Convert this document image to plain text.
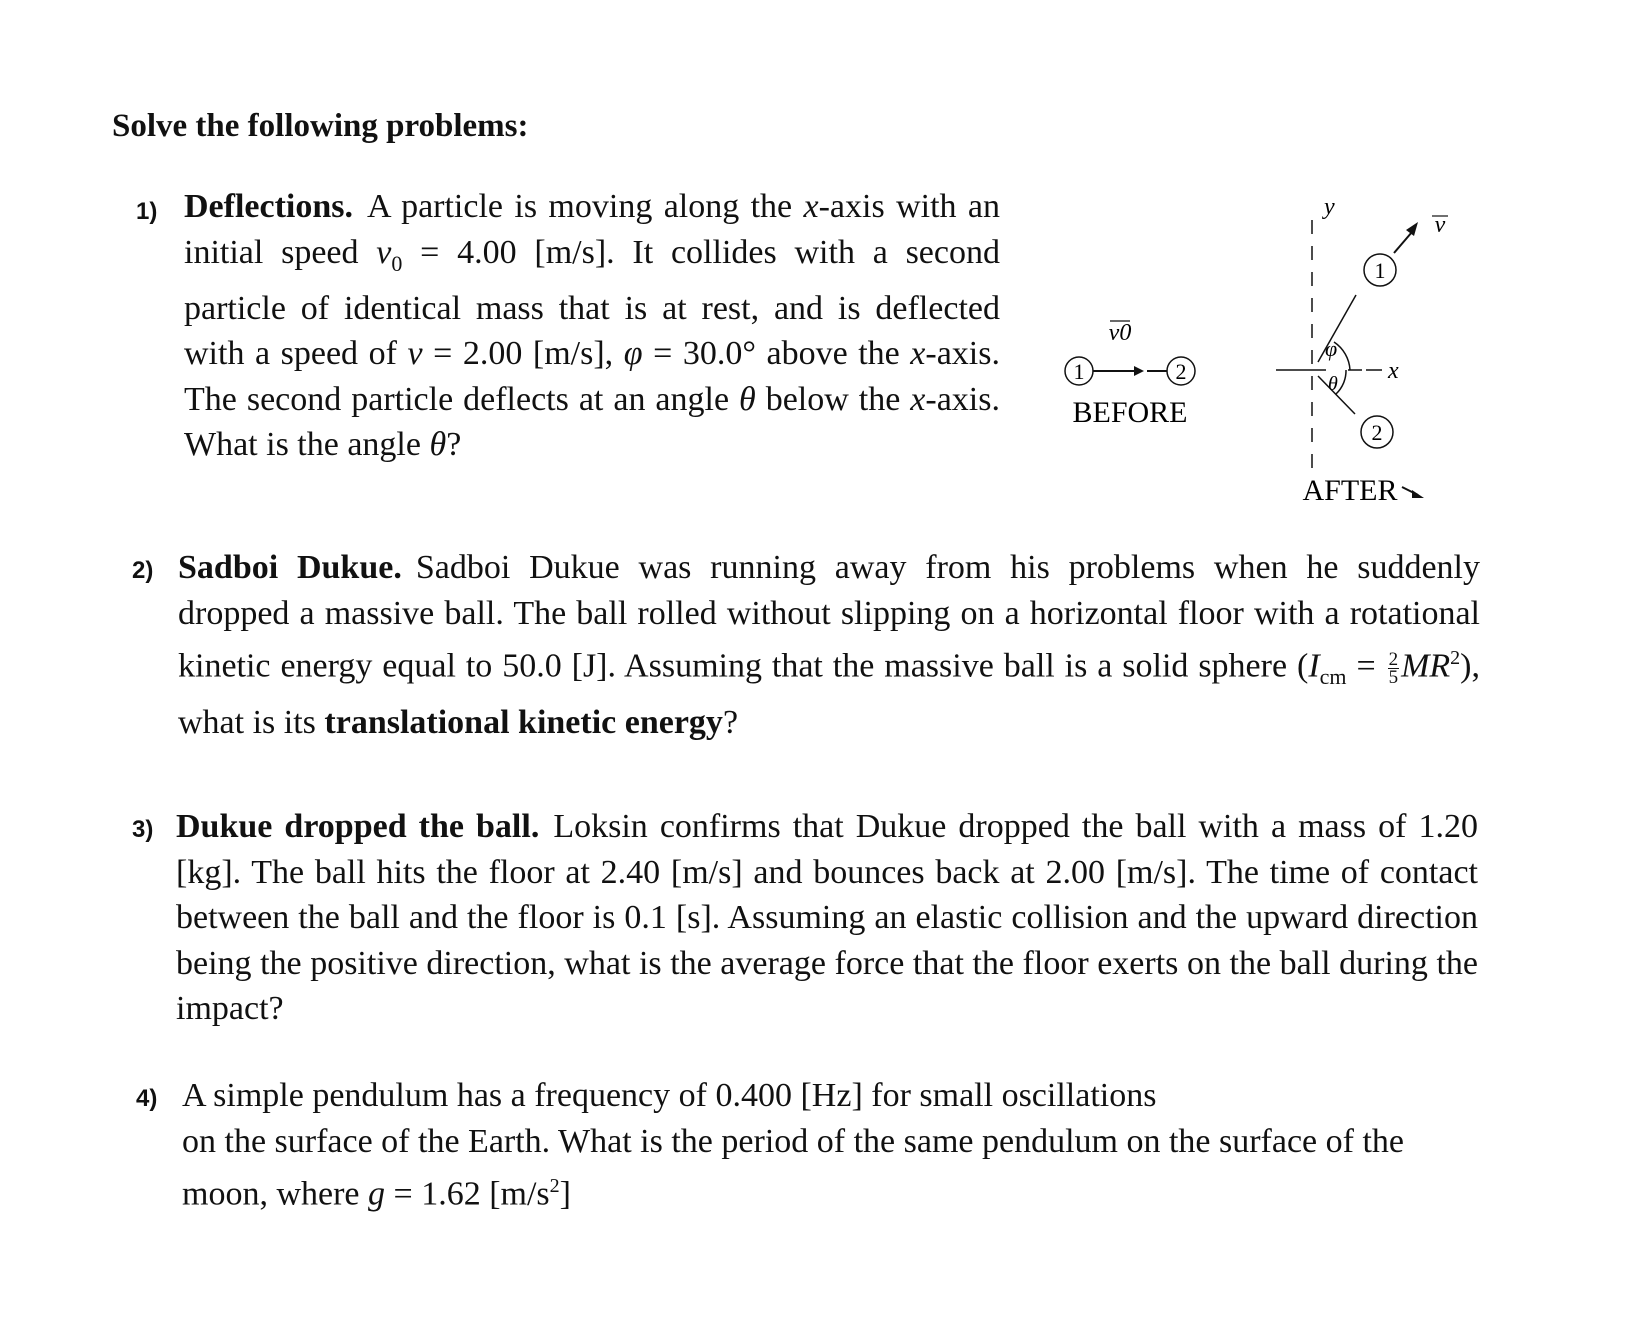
Solve the following problems:
1) Deflections. A particle is moving along the x-axis with an initial speed $v_0 = 4.00$ [m/s]. It collides with a second particle of identical mass that is at rest, and is deflected with a speed of v = 2.00 [m/s], φ = 30.0° above the x-axis. The second particle deflects at an angle θ below the x-axis. What is the angle θ?
1	2
v0
BEFORE
y
x
1
v
2
φ
θ
AFTER
2) Sadboi Dukue. Sadboi Dukue was running away from his problems when he suddenly dropped a massive ball. The ball rolled without slipping on a horizontal floor with a rotational kinetic energy equal to 50.0 [J]. Assuming that the massive ball is a solid sphere $(I_{cm} = \frac{2}{5} MR^2)$, what is its translational kinetic energy?
3) Dukue dropped the ball. Loksin confirms that Dukue dropped the ball with a mass of 1.20 [kg]. The ball hits the floor at 2.40 [m/s] and bounces back at 2.00 [m/s]. The time of contact between the ball and the floor is 0.1 [s]. Assuming an elastic collision and the upward direction being the positive direction, what is the average force that the floor exerts on the ball during the impact?
4) A simple pendulum has a frequency of 0.400 [Hz] for small oscillations
on the surface of the Earth. What is the period of the same pendulum on the surface of the moon, where g = 1.62 $[m/s^2]$
